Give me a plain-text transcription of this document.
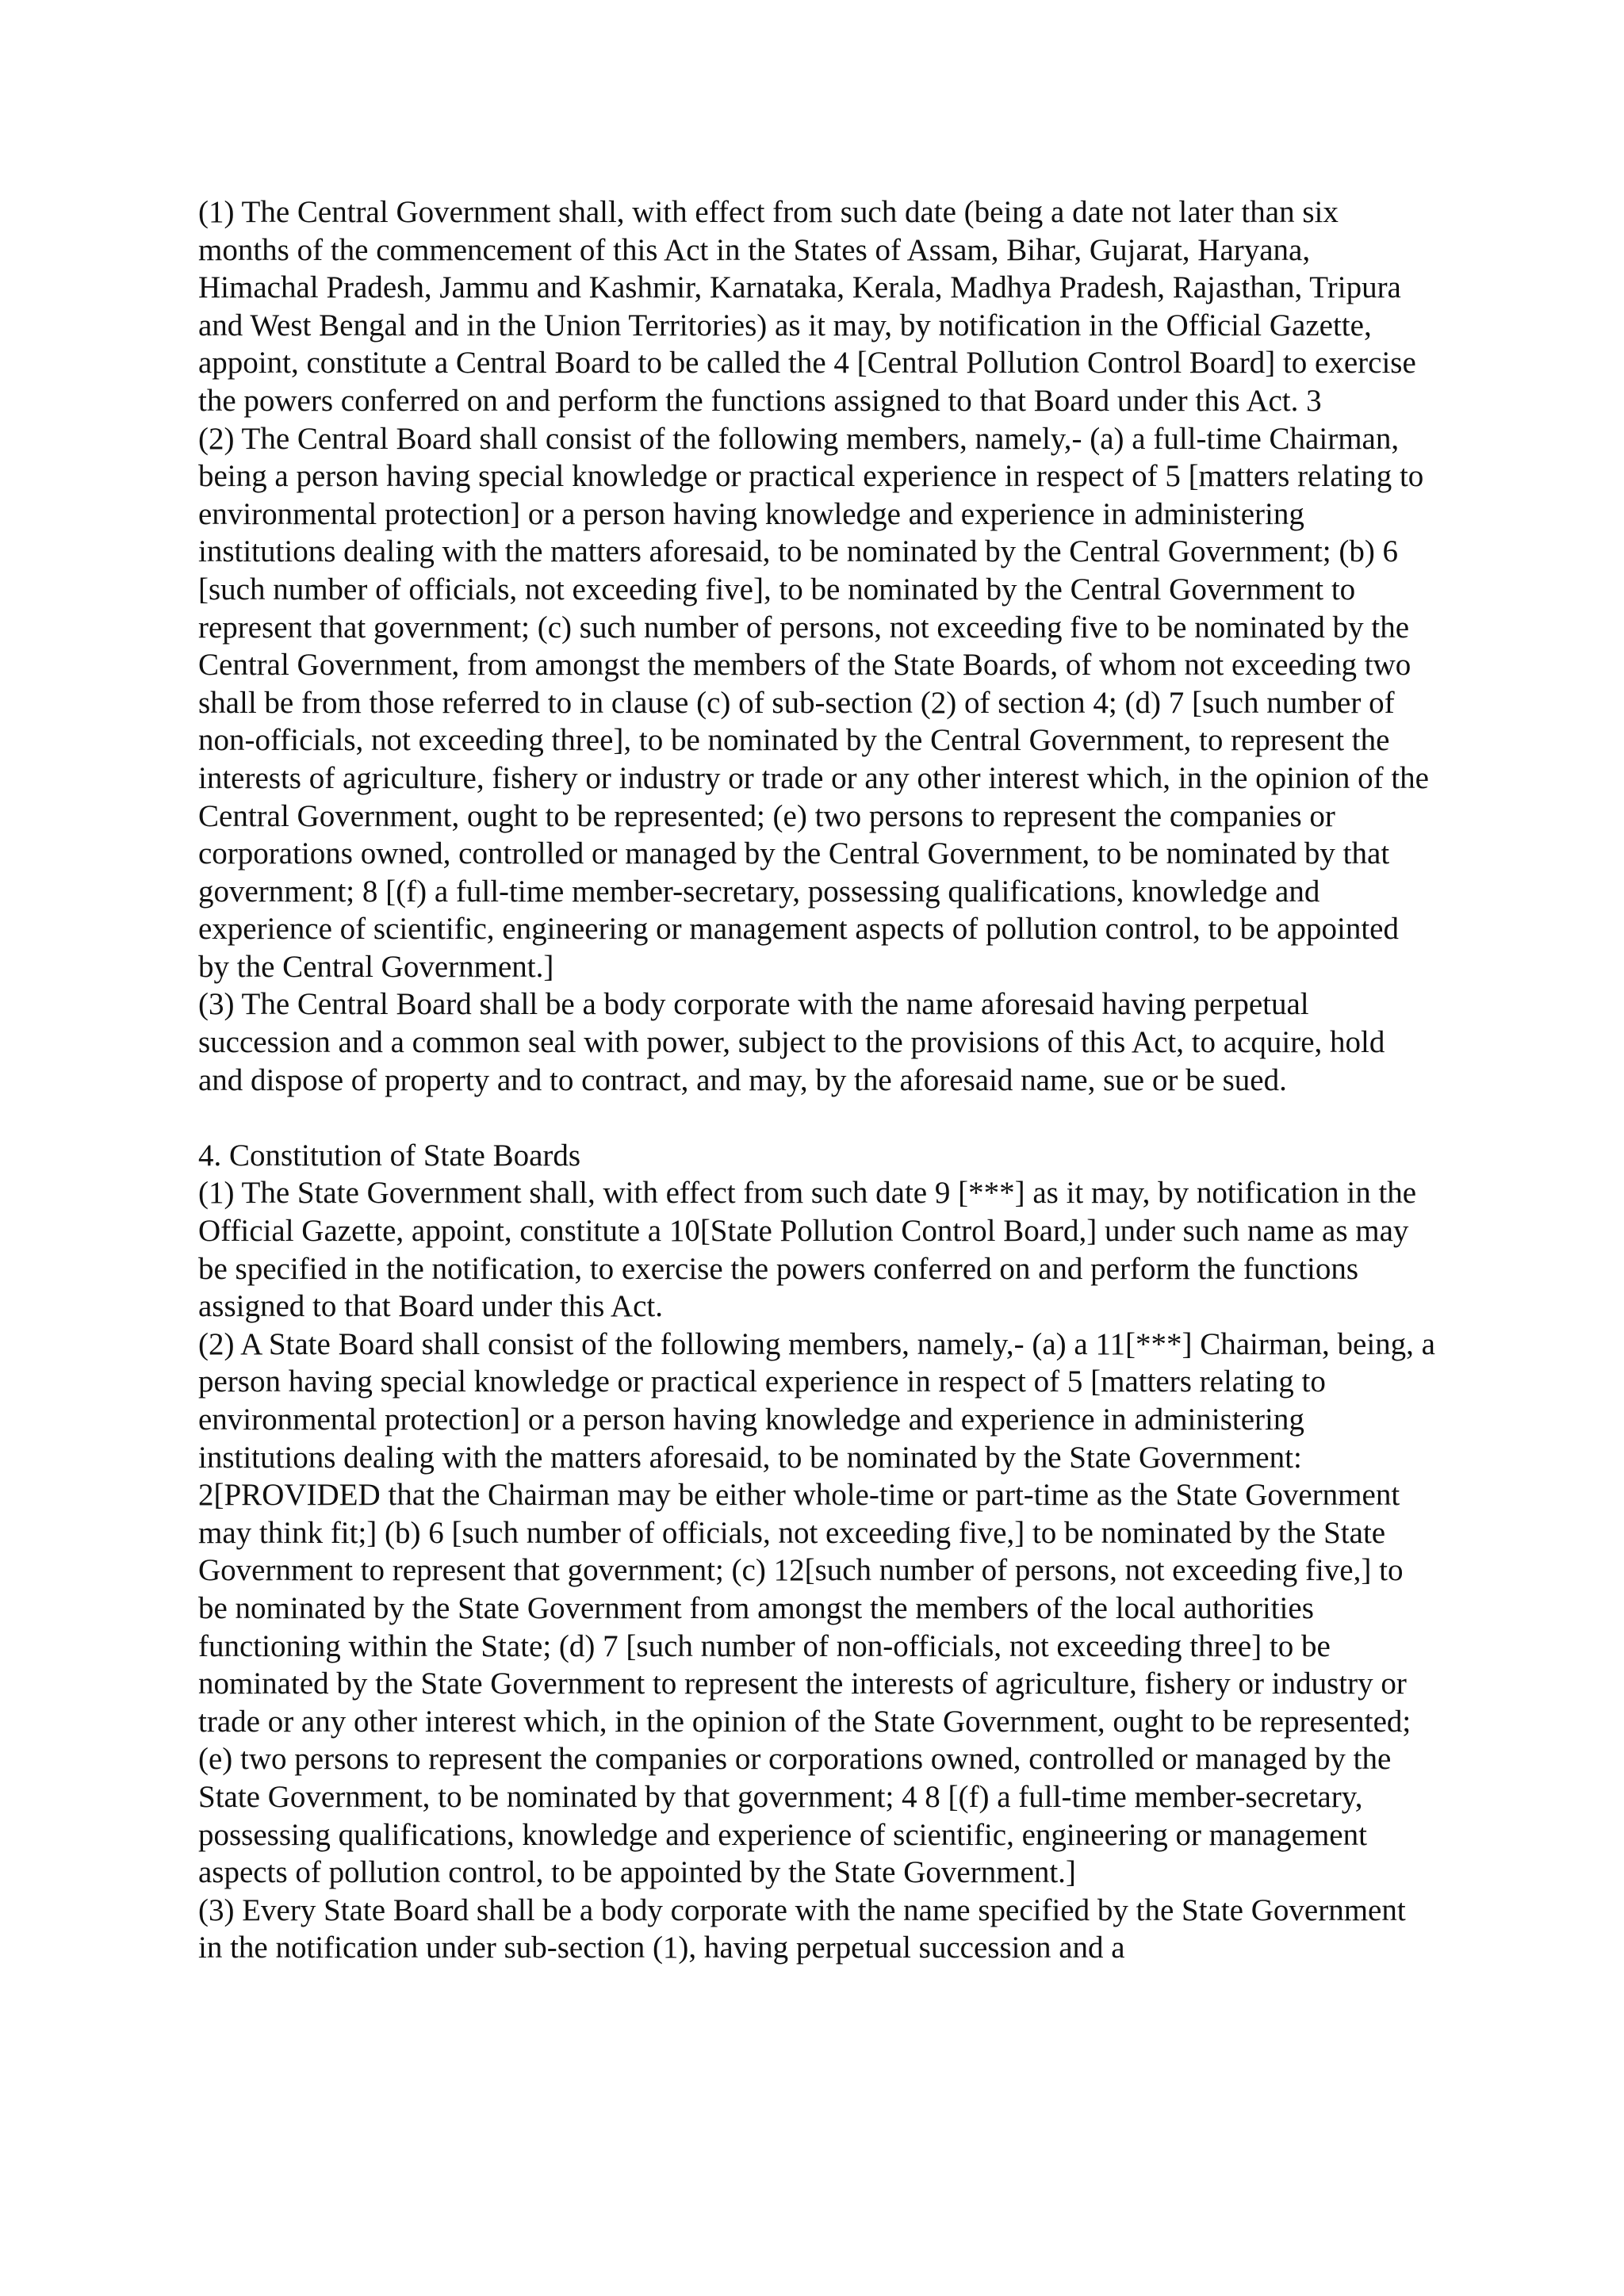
(1) The Central Government shall, with effect from such date (being a date not later than six months of the commencement of this Act in the States of Assam, Bihar, Gujarat, Haryana, Himachal Pradesh, Jammu and Kashmir, Karnataka, Kerala, Madhya Pradesh, Rajasthan, Tripura and West Bengal and in the Union Territories) as it may, by notification in the Official Gazette, appoint, constitute a Central Board to be called the 4 [Central Pollution Control Board] to exercise the powers conferred on and perform the functions assigned to that Board under this Act. 3

(2) The Central Board shall consist of the following members, namely,- (a) a full-time Chairman, being a person having special knowledge or practical experience in respect of 5 [matters relating to environmental protection] or a person having knowledge and experience in administering institutions dealing with the matters aforesaid, to be nominated by the Central Government; (b) 6 [such number of officials, not exceeding five], to be nominated by the Central Government to represent that government; (c) such number of persons, not exceeding five to be nominated by the Central Government, from amongst the members of the State Boards, of whom not exceeding two shall be from those referred to in clause (c) of sub-section (2) of section 4; (d) 7 [such number of non-officials, not exceeding three], to be nominated by the Central Government, to represent the interests of agriculture, fishery or industry or trade or any other interest which, in the opinion of the Central Government, ought to be represented; (e) two persons to represent the companies or corporations owned, controlled or managed by the Central Government, to be nominated by that government; 8 [(f) a full-time member-secretary, possessing qualifications, knowledge and experience of scientific, engineering or management aspects of pollution control, to be appointed by the Central Government.]

(3) The Central Board shall be a body corporate with the name aforesaid having perpetual succession and a common seal with power, subject to the provisions of this Act, to acquire, hold and dispose of property and to contract, and may, by the aforesaid name, sue or be sued.

4. Constitution of State Boards

(1) The State Government shall, with effect from such date 9 [***] as it may, by notification in the Official Gazette, appoint, constitute a 10[State Pollution Control Board,] under such name as may be specified in the notification, to exercise the powers conferred on and perform the functions assigned to that Board under this Act.

(2) A State Board shall consist of the following members, namely,- (a) a 11[***] Chairman, being, a person having special knowledge or practical experience in respect of 5 [matters relating to environmental protection] or a person having knowledge and experience in administering institutions dealing with the matters aforesaid, to be nominated by the State Government: 2[PROVIDED that the Chairman may be either whole-time or part-time as the State Government may think fit;] (b) 6 [such number of officials, not exceeding five,] to be nominated by the State Government to represent that government; (c) 12[such number of persons, not exceeding five,] to be nominated by the State Government from amongst the members of the local authorities functioning within the State; (d) 7 [such number of non-officials, not exceeding three] to be nominated by the State Government to represent the interests of agriculture, fishery or industry or trade or any other interest which, in the opinion of the State Government, ought to be represented; (e) two persons to represent the companies or corporations owned, controlled or managed by the State Government, to be nominated by that government; 4 8 [(f) a full-time member-secretary, possessing qualifications, knowledge and experience of scientific, engineering or management aspects of pollution control, to be appointed by the State Government.]

(3) Every State Board shall be a body corporate with the name specified by the State Government in the notification under sub-section (1), having perpetual succession and a
